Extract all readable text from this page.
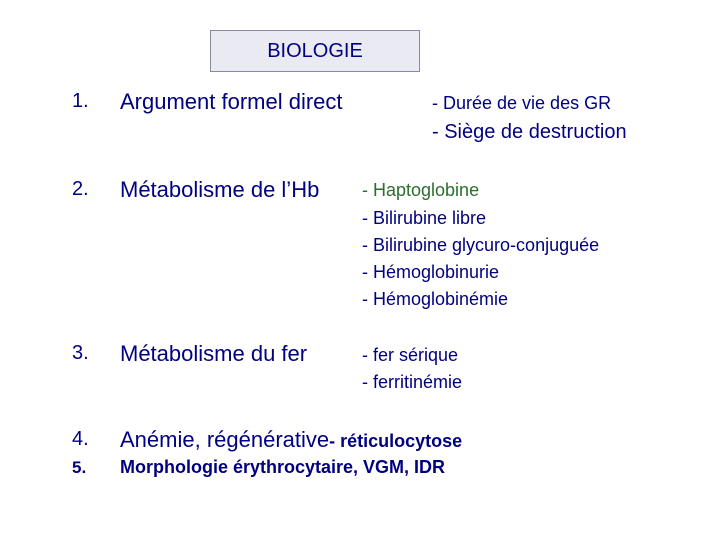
BIOLOGIE
1. Argument formel direct	- Durée de vie des GR
- Siège de destruction
2. Métabolisme de l’Hb - Haptoglobine
- Bilirubine libre
- Bilirubine glycuro-conjuguée
- Hémoglobinurie
- Hémoglobinémie
3. Métabolisme du fer	- fer sérique
- ferritinémie
4. Anémie, régénérative- réticulocytose
5. Morphologie érythrocytaire, VGM, IDR
